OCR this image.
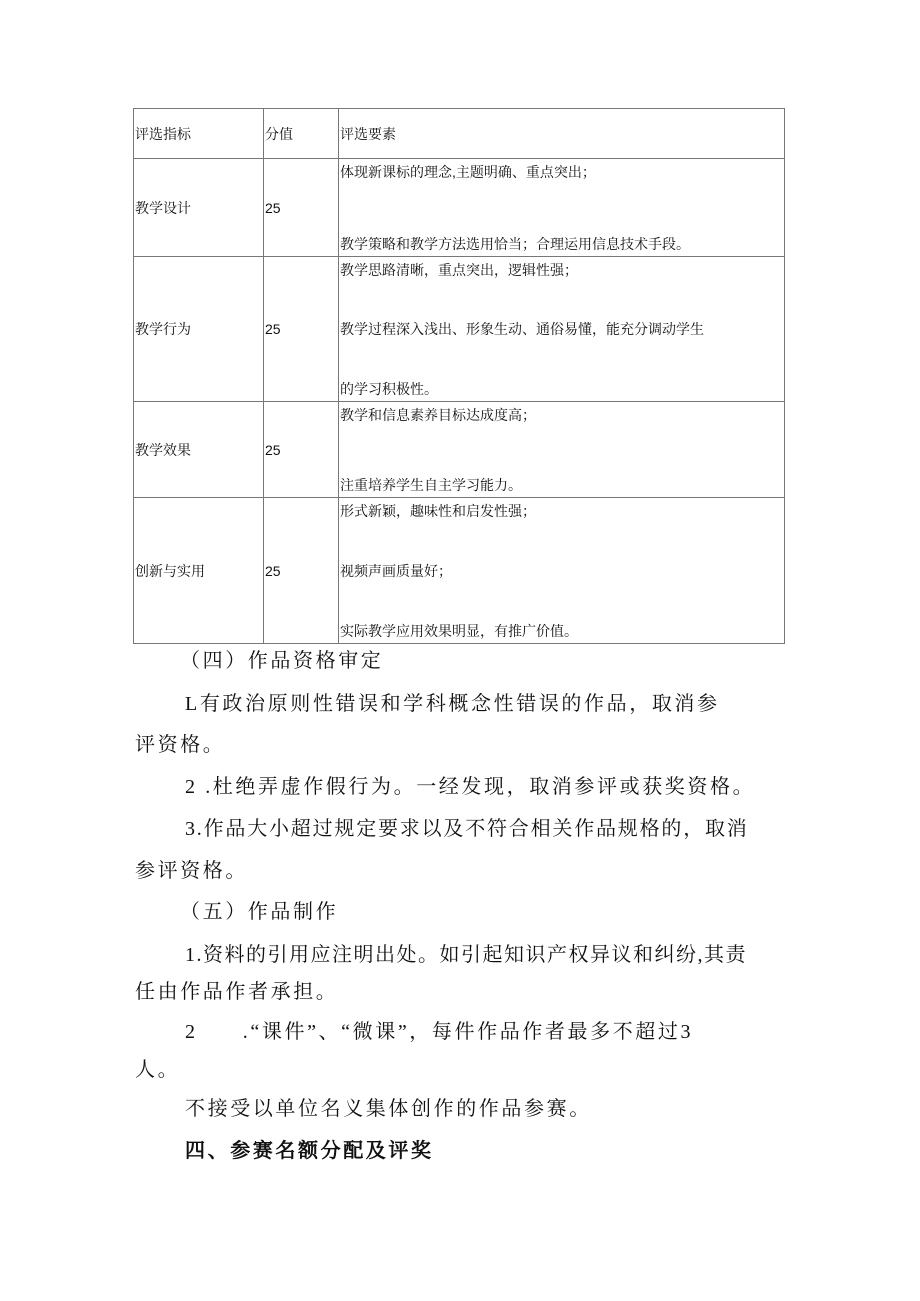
评选指标	分值	评选要素
教学设计	25	体现新课标的理念,主题明确、重点突出；
教学策略和教学方法选用恰当；合理运用信息技术手段。

教学行为	25	教学思路清晰，重点突出，逻辑性强；
教学过程深入浅出、形象生动、通俗易懂，能充分调动学生
的学习积极性。

教学效果	25	教学和信息素养目标达成度高；
注重培养学生自主学习能力。

创新与实用	25	形式新颖，趣味性和启发性强；
视频声画质量好；
实际教学应用效果明显，有推广价值。
（四）作品资格审定
L有政治原则性错误和学科概念性错误的作品，取消参
评资格。
2 .杜绝弄虚作假行为。一经发现，取消参评或获奖资格。
3.作品大小超过规定要求以及不符合相关作品规格的，取消
参评资格。
（五）作品制作
1.资料的引用应注明出处。如引起知识产权异议和纠纷,其责
任由作品作者承担。
2　　.“课件”、“微课”，每件作品作者最多不超过3
人。
不接受以单位名义集体创作的作品参赛。
四、参赛名额分配及评奖
